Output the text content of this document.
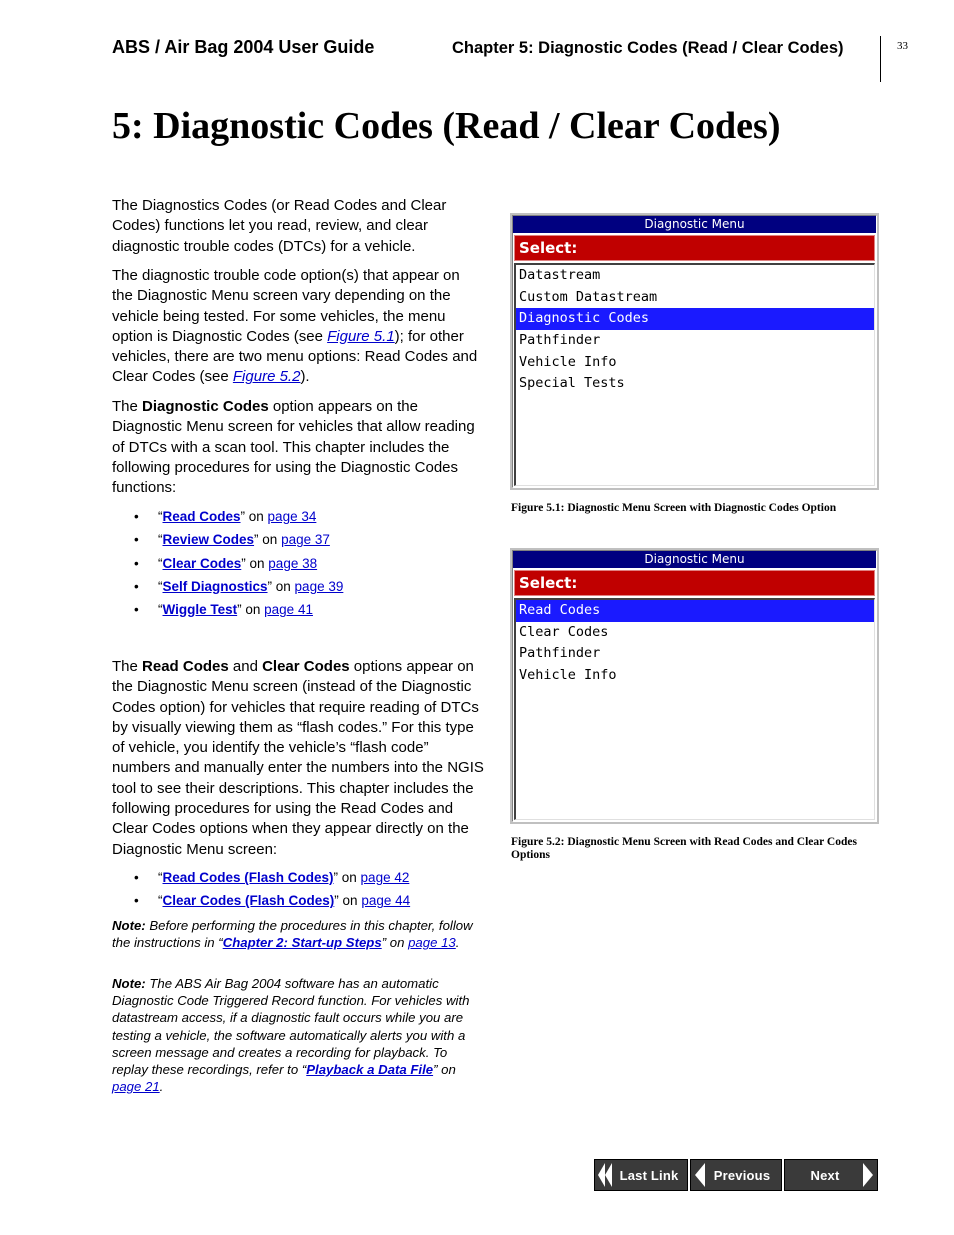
ABS / Air Bag 2004 User Guide	Chapter 5: Diagnostic Codes (Read / Clear Codes)	33
5: Diagnostic Codes (Read / Clear Codes)

The Diagnostics Codes (or Read Codes and Clear Codes) functions let you read, review, and clear diagnostic trouble codes (DTCs) for a vehicle.

The diagnostic trouble code option(s) that appear on the Diagnostic Menu screen vary depending on the vehicle being tested. For some vehicles, the menu option is Diagnostic Codes (see Figure 5.1); for other vehicles, there are two menu options: Read Codes and Clear Codes (see Figure 5.2).

The Diagnostic Codes option appears on the Diagnostic Menu screen for vehicles that allow reading of DTCs with a scan tool. This chapter includes the following procedures for using the Diagnostic Codes functions:

• “Read Codes” on page 34
• “Review Codes” on page 37
• “Clear Codes” on page 38
• “Self Diagnostics” on page 39
• “Wiggle Test” on page 41

The Read Codes and Clear Codes options appear on the Diagnostic Menu screen (instead of the Diagnostic Codes option) for vehicles that require reading of DTCs by visually viewing them as “flash codes.” For this type of vehicle, you identify the vehicle’s “flash code” numbers and manually enter the numbers into the NGIS tool to see their descriptions. This chapter includes the following procedures for using the Read Codes and Clear Codes options when they appear directly on the Diagnostic Menu screen:

• “Read Codes (Flash Codes)” on page 42
• “Clear Codes (Flash Codes)” on page 44

Note: Before performing the procedures in this chapter, follow the instructions in “Chapter 2: Start-up Steps” on page 13.

Note: The ABS Air Bag 2004 software has an automatic Diagnostic Code Triggered Record function. For vehicles with datastream access, if a diagnostic fault occurs while you are testing a vehicle, the software automatically alerts you with a screen message and creates a recording for playback. To replay these recordings, refer to “Playback a Data File” on page 21.

Diagnostic Menu
Select:
Datastream
Custom Datastream
Diagnostic Codes
Pathfinder
Vehicle Info
Special Tests
Figure 5.1: Diagnostic Menu Screen with Diagnostic Codes Option
Diagnostic Menu
Select:
Read Codes
Clear Codes
Pathfinder
Vehicle Info
Figure 5.2: Diagnostic Menu Screen with Read Codes and Clear Codes Options
Last Link	Previous	Next
